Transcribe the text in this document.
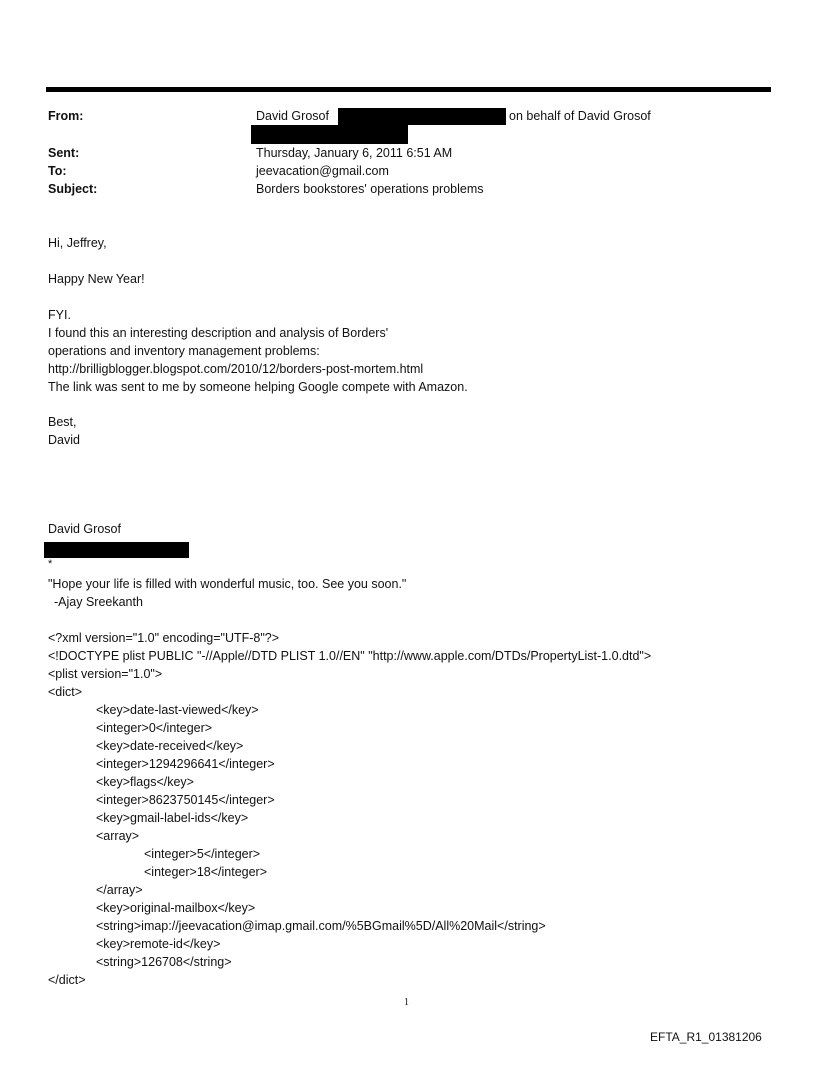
From:	David Grosof	on behalf of David Grosof
Sent:	Thursday, January 6, 2011 6:51 AM
To:	jeevacation@gmail.com
Subject:	Borders bookstores' operations problems
Hi, Jeffrey,
Happy New Year!
FYI.
I found this an interesting description and analysis of Borders'
operations and inventory management problems:
http://brilligblogger.blogspot.com/2010/12/borders-post-mortem.html
The link was sent to me by someone helping Google compete with Amazon.
Best,
David
David Grosof
*
"Hope your life is filled with wonderful music, too. See you soon."
-Ajay Sreekanth
<?xml version="1.0" encoding="UTF-8"?>
<!DOCTYPE plist PUBLIC "-//Apple//DTD PLIST 1.0//EN" "http://www.apple.com/DTDs/PropertyList-1.0.dtd">
<plist version="1.0">
<dict>
<key>date-last-viewed</key>
<integer>0</integer>
<key>date-received</key>
<integer>1294296641</integer>
<key>flags</key>
<integer>8623750145</integer>
<key>gmail-label-ids</key>
<array>
<integer>5</integer>
<integer>18</integer>
</array>
<key>original-mailbox</key>
<string>imap://jeevacation@imap.gmail.com/%5BGmail%5D/All%20Mail</string>
<key>remote-id</key>
<string>126708</string>
</dict>
1
EFTA_R1_01381206
